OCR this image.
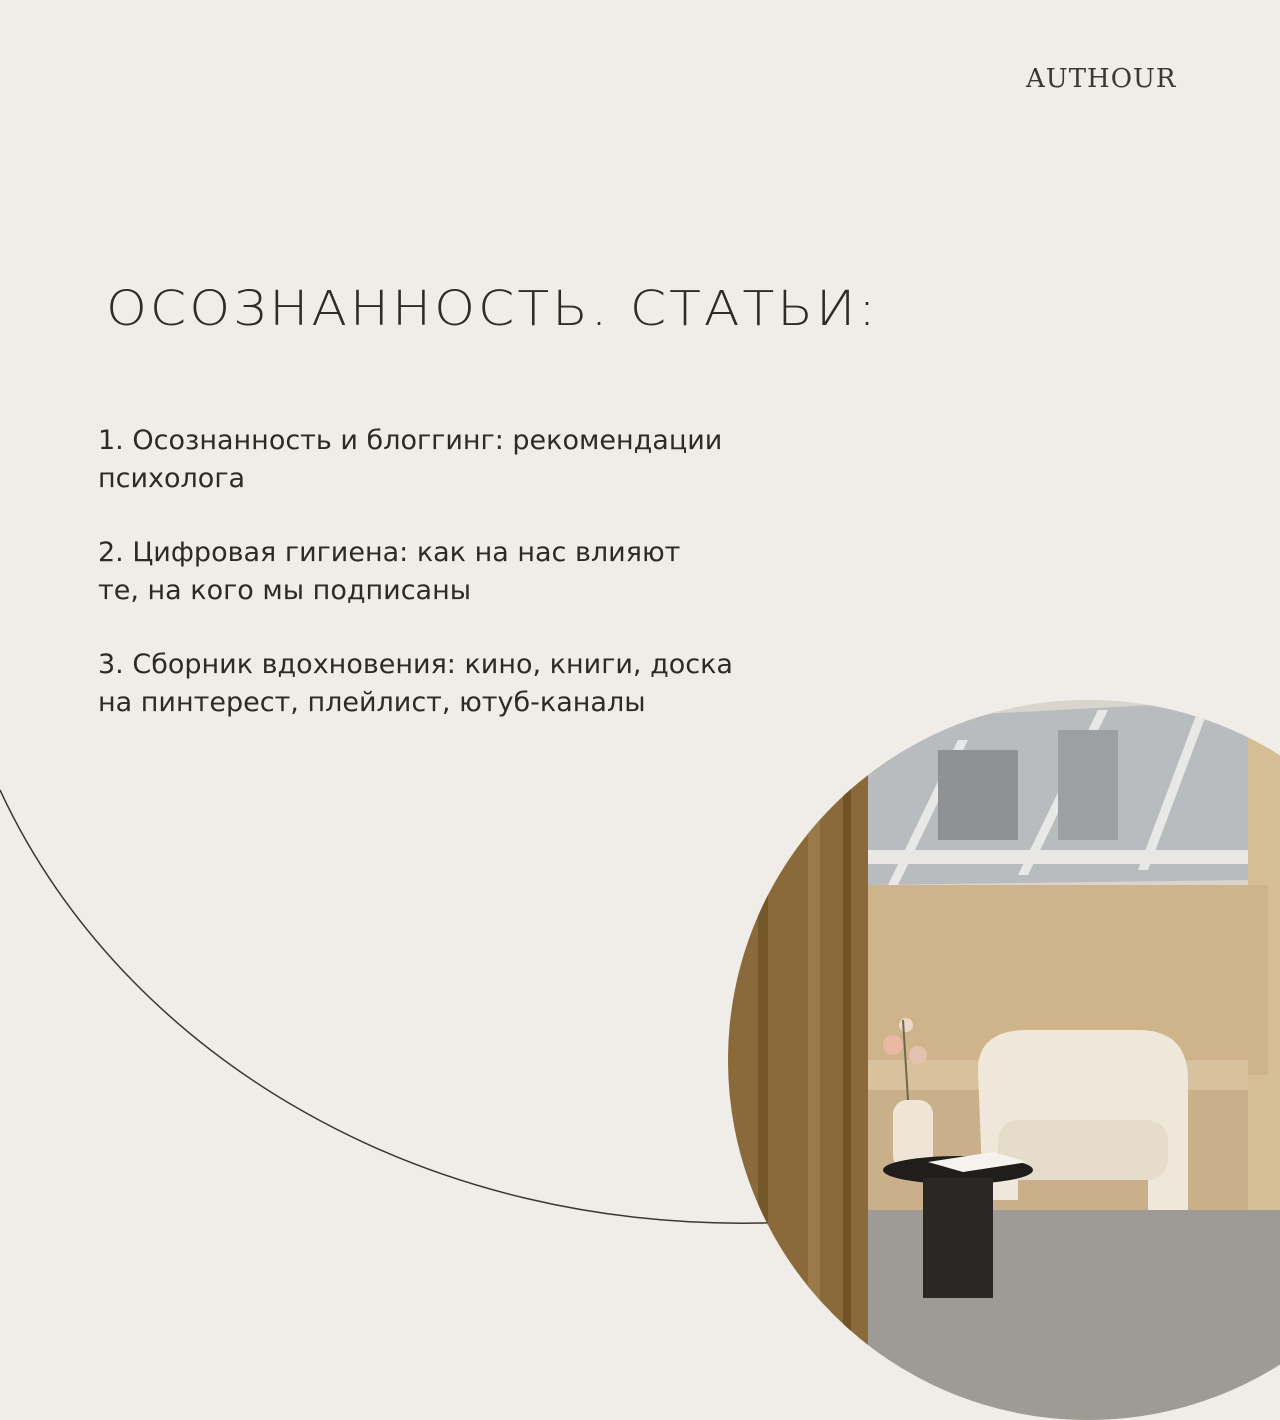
AUTHOUR
ОСОЗНАННОСТЬ. СТАТЬИ:
1. Осознанность и блоггинг: рекомендации
психолога
2. Цифровая гигиена: как на нас влияют
те, на кого мы подписаны
3. Сборник вдохновения: кино, книги, доска
на пинтерест, плейлист, ютуб-каналы
